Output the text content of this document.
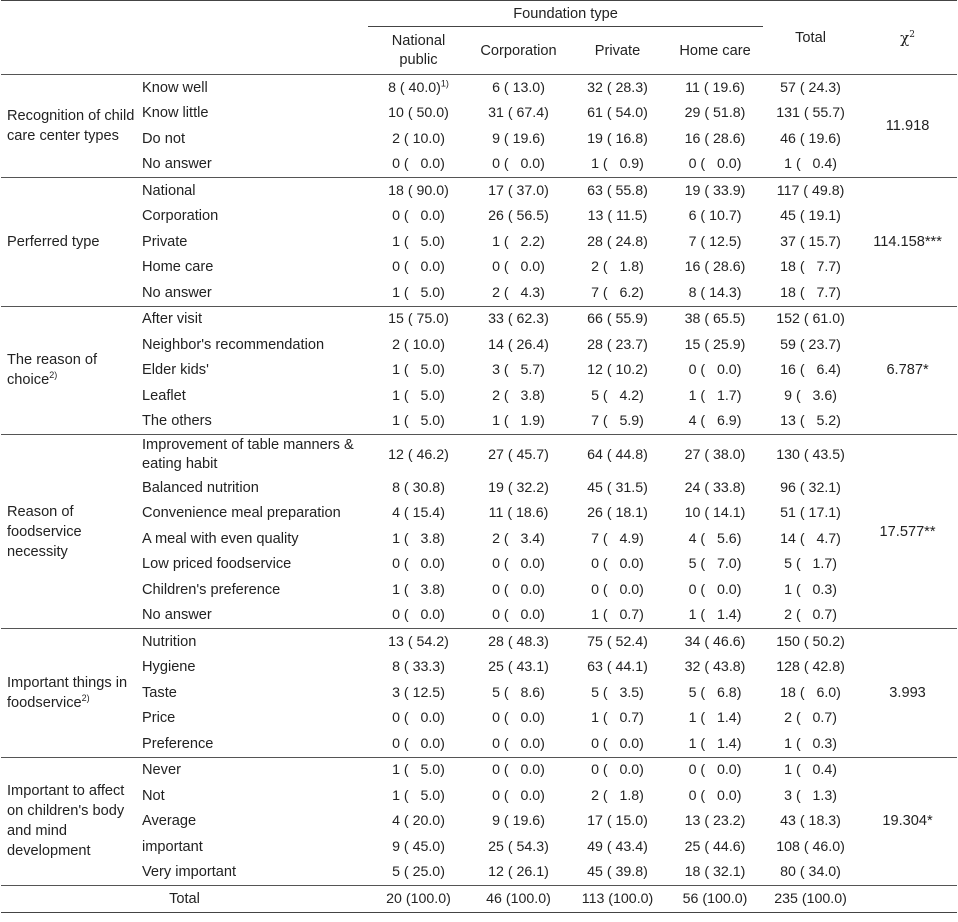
		Foundation type				Total	$\chi^2$
		National public	Corporation	Private	Home care		
Recognition of child care center types	Know well	8 ( 40.0)$^{1)}$	6 ( 13.0)	32 ( 28.3)	11 ( 19.6)	57 ( 24.3)	11.918
	Know little	10 ( 50.0)	31 ( 67.4)	61 ( 54.0)	29 ( 51.8)	131 ( 55.7)	
	Do not	2 ( 10.0)	9 ( 19.6)	19 ( 16.8)	16 ( 28.6)	46 ( 19.6)	
	No answer	0 (   0.0)	0 (   0.0)	1 (   0.9)	0 (   0.0)	1 (   0.4)	
Perferred type	National	18 ( 90.0)	17 ( 37.0)	63 ( 55.8)	19 ( 33.9)	117 ( 49.8)	114.158***
	Corporation	0 (   0.0)	26 ( 56.5)	13 ( 11.5)	6 ( 10.7)	45 ( 19.1)	
	Private	1 (   5.0)	1 (   2.2)	28 ( 24.8)	7 ( 12.5)	37 ( 15.7)	
	Home care	0 (   0.0)	0 (   0.0)	2 (   1.8)	16 ( 28.6)	18 (   7.7)	
	No answer	1 (   5.0)	2 (   4.3)	7 (   6.2)	8 ( 14.3)	18 (   7.7)	
The reason of choice$^{2)}$	After visit	15 ( 75.0)	33 ( 62.3)	66 ( 55.9)	38 ( 65.5)	152 ( 61.0)	6.787*
	Neighbor's recommendation	2 ( 10.0)	14 ( 26.4)	28 ( 23.7)	15 ( 25.9)	59 ( 23.7)	
	Elder kids'	1 (   5.0)	3 (   5.7)	12 ( 10.2)	0 (   0.0)	16 (   6.4)	
	Leaflet	1 (   5.0)	2 (   3.8)	5 (   4.2)	1 (   1.7)	9 (   3.6)	
	The others	1 (   5.0)	1 (   1.9)	7 (   5.9)	4 (   6.9)	13 (   5.2)	
Reason of foodservice necessity	Improvement of table manners & eating habit	12 ( 46.2)	27 ( 45.7)	64 ( 44.8)	27 ( 38.0)	130 ( 43.5)	17.577**
	Balanced nutrition	8 ( 30.8)	19 ( 32.2)	45 ( 31.5)	24 ( 33.8)	96 ( 32.1)	
	Convenience meal preparation	4 ( 15.4)	11 ( 18.6)	26 ( 18.1)	10 ( 14.1)	51 ( 17.1)	
	A meal with even quality	1 (   3.8)	2 (   3.4)	7 (   4.9)	4 (   5.6)	14 (   4.7)	
	Low priced foodservice	0 (   0.0)	0 (   0.0)	0 (   0.0)	5 (   7.0)	5 (   1.7)	
	Children's preference	1 (   3.8)	0 (   0.0)	0 (   0.0)	0 (   0.0)	1 (   0.3)	
	No answer	0 (   0.0)	0 (   0.0)	1 (   0.7)	1 (   1.4)	2 (   0.7)	
Important things in foodservice$^{2)}$	Nutrition	13 ( 54.2)	28 ( 48.3)	75 ( 52.4)	34 ( 46.6)	150 ( 50.2)	3.993
	Hygiene	8 ( 33.3)	25 ( 43.1)	63 ( 44.1)	32 ( 43.8)	128 ( 42.8)	
	Taste	3 ( 12.5)	5 (   8.6)	5 (   3.5)	5 (   6.8)	18 (   6.0)	
	Price	0 (   0.0)	0 (   0.0)	1 (   0.7)	1 (   1.4)	2 (   0.7)	
	Preference	0 (   0.0)	0 (   0.0)	0 (   0.0)	1 (   1.4)	1 (   0.3)	
Important to affect on children's body and mind development	Never	1 (   5.0)	0 (   0.0)	0 (   0.0)	0 (   0.0)	1 (   0.4)	19.304*
	Not	1 (   5.0)	0 (   0.0)	2 (   1.8)	0 (   0.0)	3 (   1.3)	
	Average	4 ( 20.0)	9 ( 19.6)	17 ( 15.0)	13 ( 23.2)	43 ( 18.3)	
	important	9 ( 45.0)	25 ( 54.3)	49 ( 43.4)	25 ( 44.6)	108 ( 46.0)	
	Very important	5 ( 25.0)	12 ( 26.1)	45 ( 39.8)	18 ( 32.1)	80 ( 34.0)	
Total		20 (100.0)	46 (100.0)	113 (100.0)	56 (100.0)	235 (100.0)	
